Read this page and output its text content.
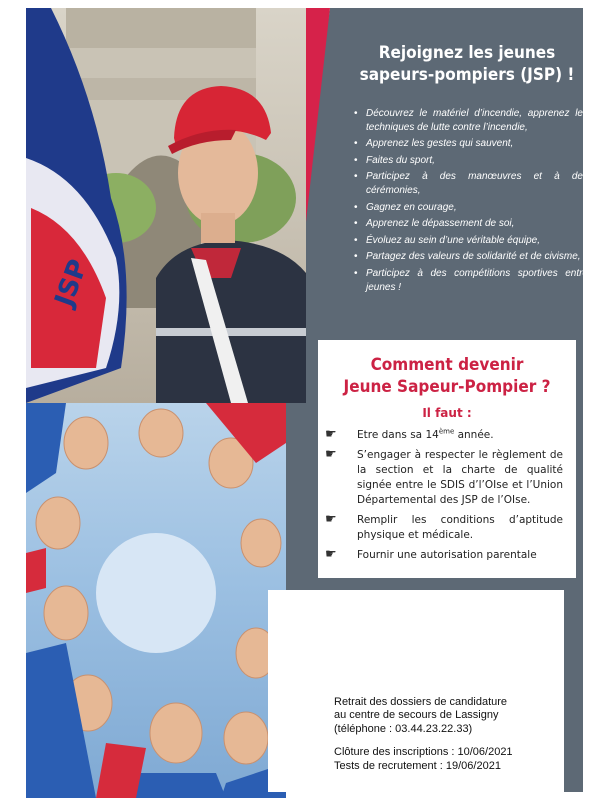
JSP
Rejoignez les jeunes
sapeurs-pompiers (JSP) !
• Découvrez le matériel d’incendie, apprenez les techniques de lutte contre l’incendie,
• Apprenez les gestes qui sauvent,
• Faites du sport,
• Participez à des manœuvres et à des cérémonies,
• Gagnez en courage,
• Apprenez le dépassement de soi,
• Évoluez au sein d’une véritable équipe,
• Partagez des valeurs de solidarité et de civisme,
• Participez à des compétitions sportives entre jeunes !
Comment devenir
Jeune Sapeur-Pompier ?
Il faut :
☛ Etre dans sa 14ème année.
☛ S’engager à respecter le règlement de la section et la charte de qualité signée entre le SDIS d’l’OIse et l’Union Départemental des JSP de l’OIse.
☛ Remplir les conditions d’aptitude physique et médicale.
☛ Fournir une autorisation parentale
Retrait des dossiers de candidature
au centre de secours de Lassigny
(téléphone : 03.44.23.22.33)
Clôture des inscriptions : 10/06/2021
Tests de recrutement : 19/06/2021
